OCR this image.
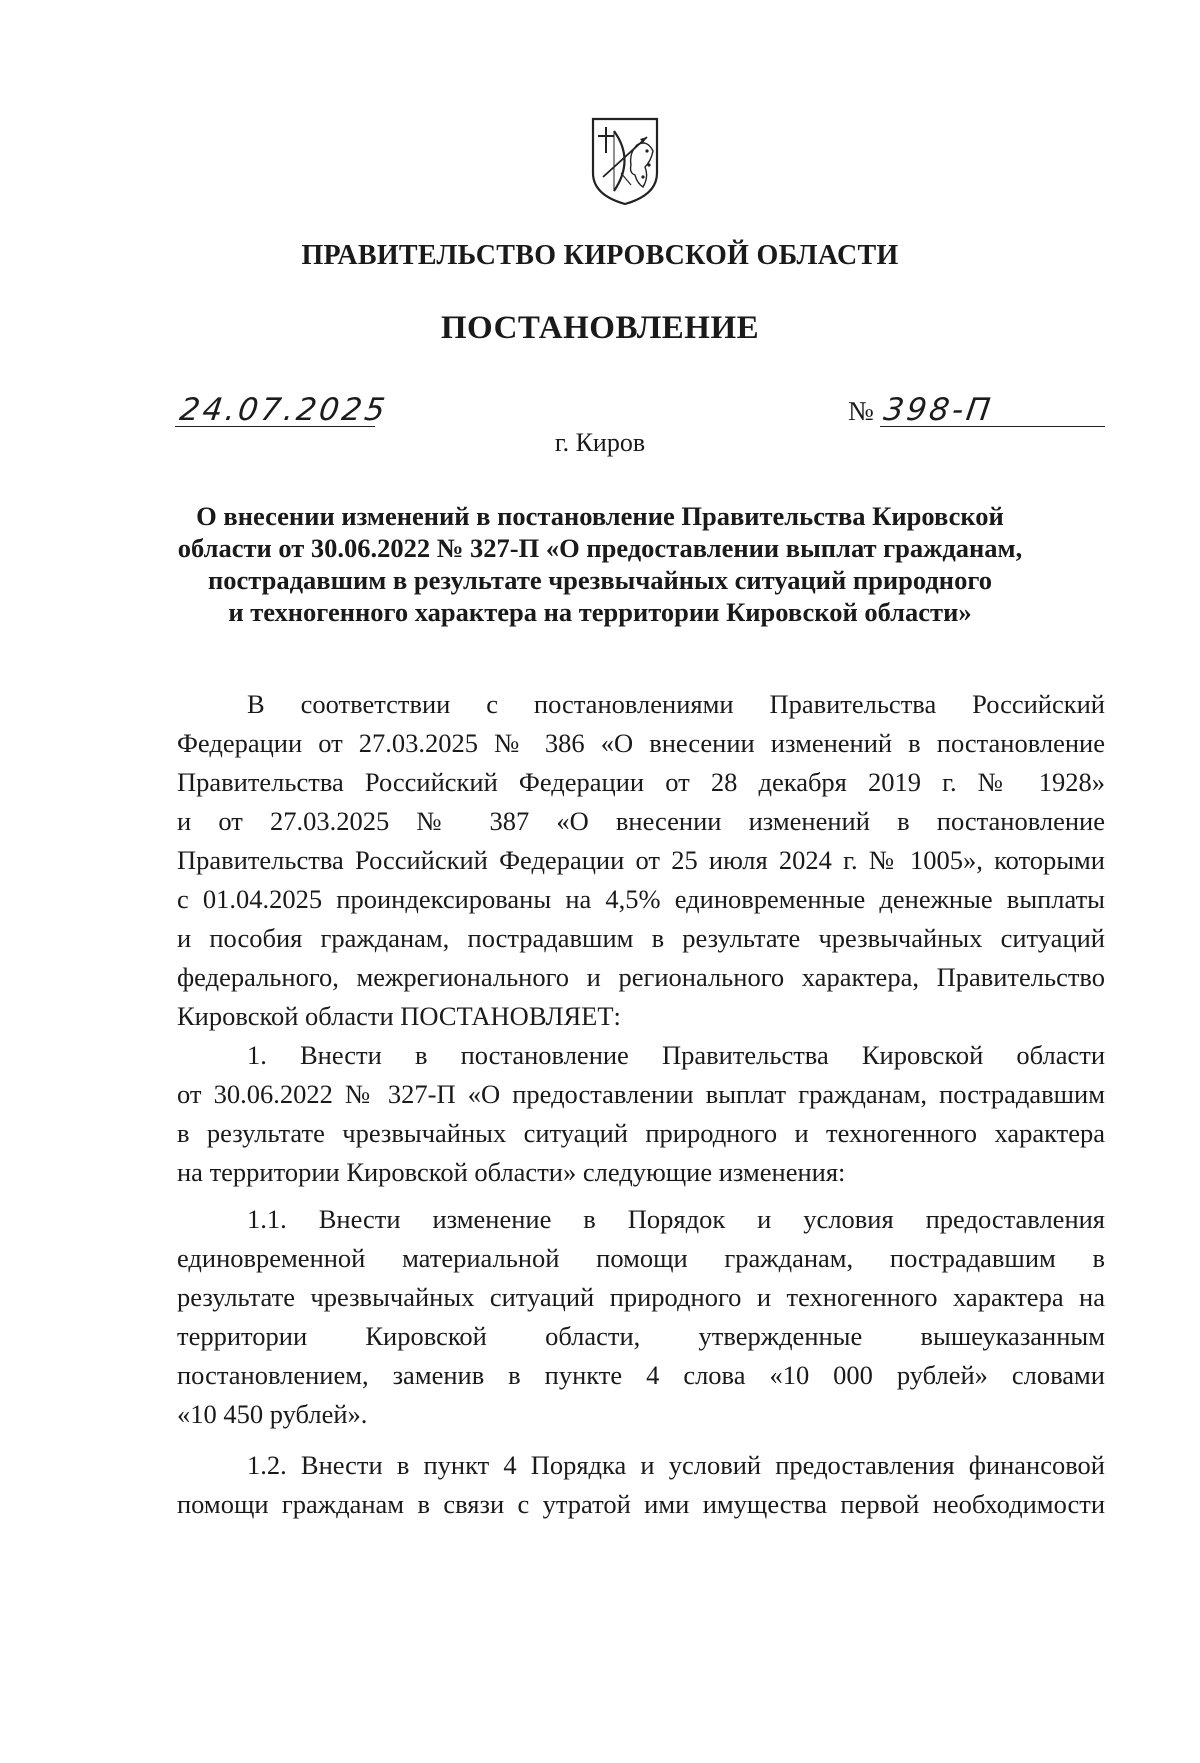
ПРАВИТЕЛЬСТВО КИРОВСКОЙ ОБЛАСТИ
ПОСТАНОВЛЕНИЕ
24.07.2025	№ 398-П
г. Киров
О внесении изменений в постановление Правительства Кировской
области от 30.06.2022 № 327-П «О предоставлении выплат гражданам,
пострадавшим в результате чрезвычайных ситуаций природного
и техногенного характера на территории Кировской области»
В соответствии с постановлениями Правительства Российский
Федерации от 27.03.2025 № 386 «О внесении изменений в постановление
Правительства Российский Федерации от 28 декабря 2019 г. № 1928»
и от 27.03.2025 № 387 «О внесении изменений в постановление
Правительства Российский Федерации от 25 июля 2024 г. № 1005», которыми
с 01.04.2025 проиндексированы на 4,5% единовременные денежные выплаты
и пособия гражданам, пострадавшим в результате чрезвычайных ситуаций
федерального, межрегионального и регионального характера, Правительство
Кировской области ПОСТАНОВЛЯЕТ:
1. Внести в постановление Правительства Кировской области
от 30.06.2022 № 327-П «О предоставлении выплат гражданам, пострадавшим
в результате чрезвычайных ситуаций природного и техногенного характера
на территории Кировской области» следующие изменения:
1.1. Внести изменение в Порядок и условия предоставления
единовременной материальной помощи гражданам, пострадавшим в
результате чрезвычайных ситуаций природного и техногенного характера на
территории Кировской области, утвержденные вышеуказанным
постановлением, заменив в пункте 4 слова «10 000 рублей» словами
«10 450 рублей».
1.2. Внести в пункт 4 Порядка и условий предоставления финансовой
помощи гражданам в связи с утратой ими имущества первой необходимости
